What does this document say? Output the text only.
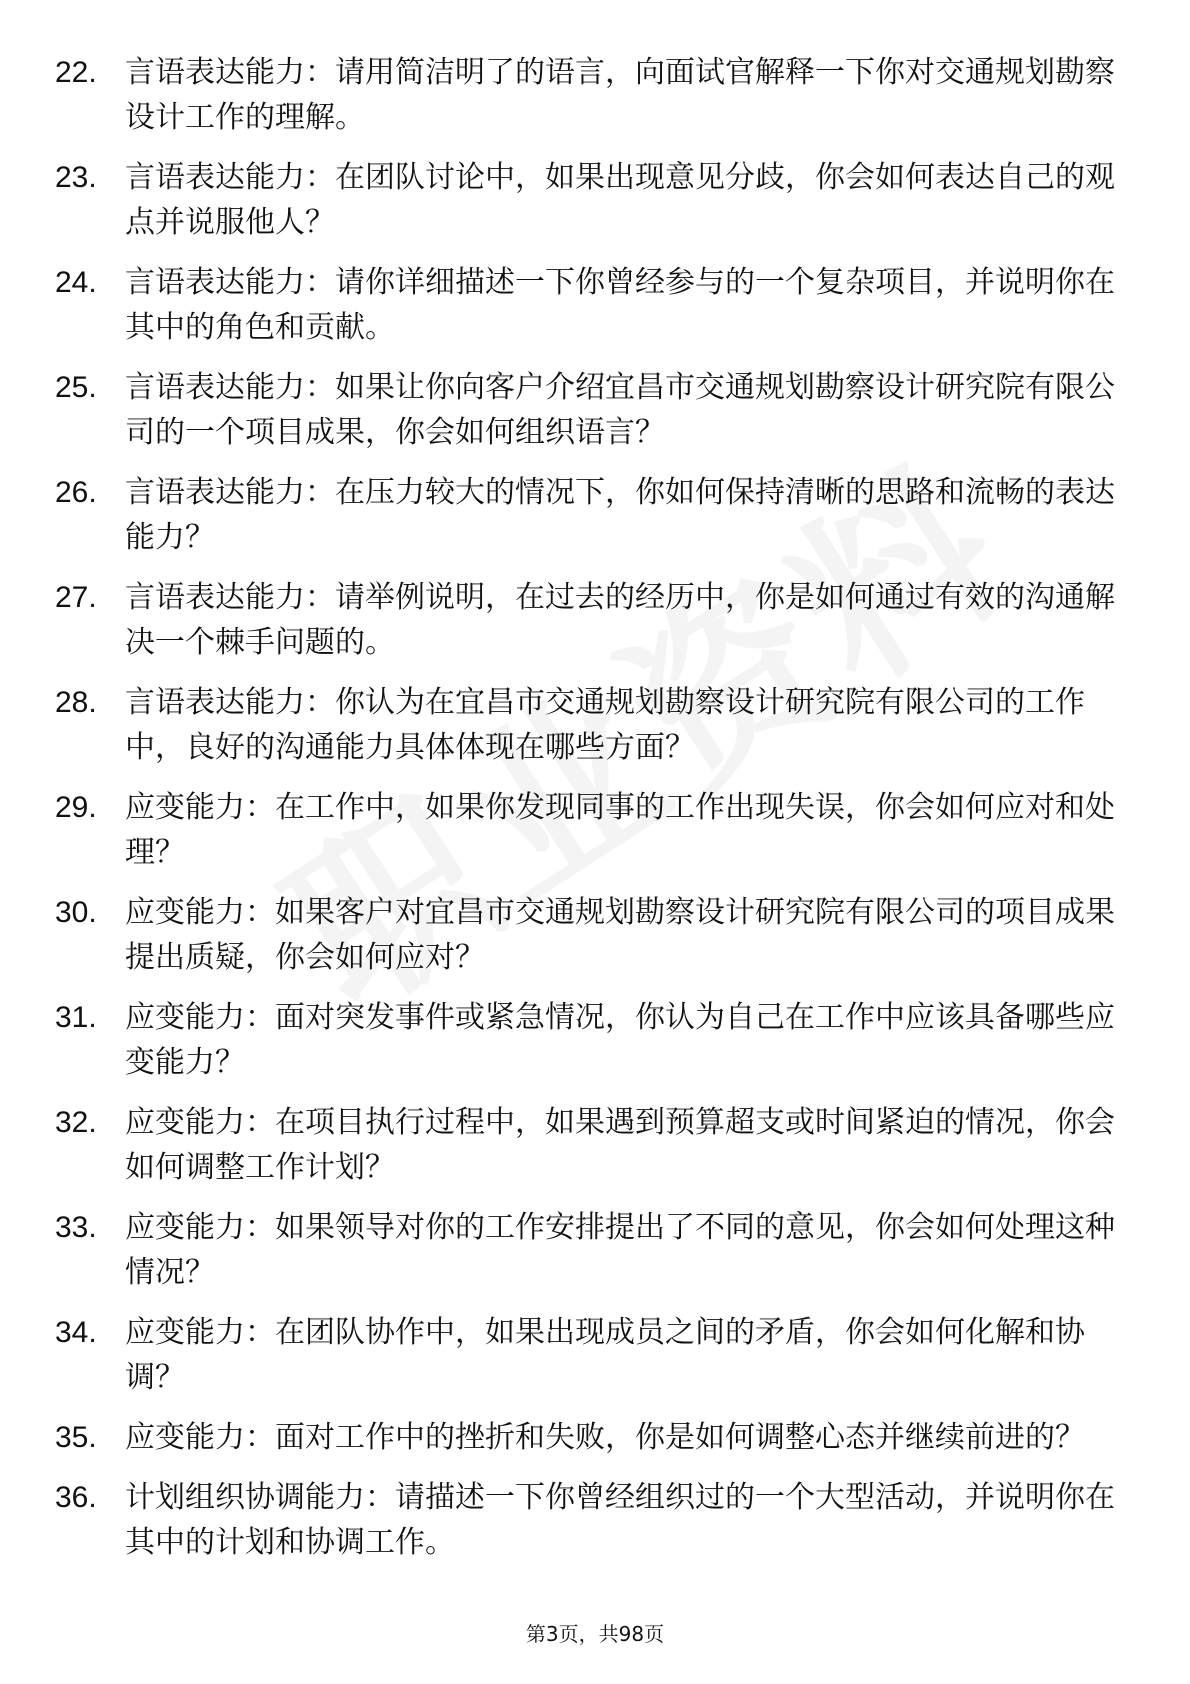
22. 言语表达能力：请用简洁明了的语言，向面试官解释一下你对交通规划勘察设计工作的理解。
23. 言语表达能力：在团队讨论中，如果出现意见分歧，你会如何表达自己的观点并说服他人？
24. 言语表达能力：请你详细描述一下你曾经参与的一个复杂项目，并说明你在其中的角色和贡献。
25. 言语表达能力：如果让你向客户介绍宜昌市交通规划勘察设计研究院有限公司的一个项目成果，你会如何组织语言？
26. 言语表达能力：在压力较大的情况下，你如何保持清晰的思路和流畅的表达能力？
27. 言语表达能力：请举例说明，在过去的经历中，你是如何通过有效的沟通解决一个棘手问题的。
28. 言语表达能力：你认为在宜昌市交通规划勘察设计研究院有限公司的工作中，良好的沟通能力具体体现在哪些方面？
29. 应变能力：在工作中，如果你发现同事的工作出现失误，你会如何应对和处理？
30. 应变能力：如果客户对宜昌市交通规划勘察设计研究院有限公司的项目成果提出质疑，你会如何应对？
31. 应变能力：面对突发事件或紧急情况，你认为自己在工作中应该具备哪些应变能力？
32. 应变能力：在项目执行过程中，如果遇到预算超支或时间紧迫的情况，你会如何调整工作计划？
33. 应变能力：如果领导对你的工作安排提出了不同的意见，你会如何处理这种情况？
34. 应变能力：在团队协作中，如果出现成员之间的矛盾，你会如何化解和协调？
35. 应变能力：面对工作中的挫折和失败，你是如何调整心态并继续前进的？
36. 计划组织协调能力：请描述一下你曾经组织过的一个大型活动，并说明你在其中的计划和协调工作。
第3页，共98页
